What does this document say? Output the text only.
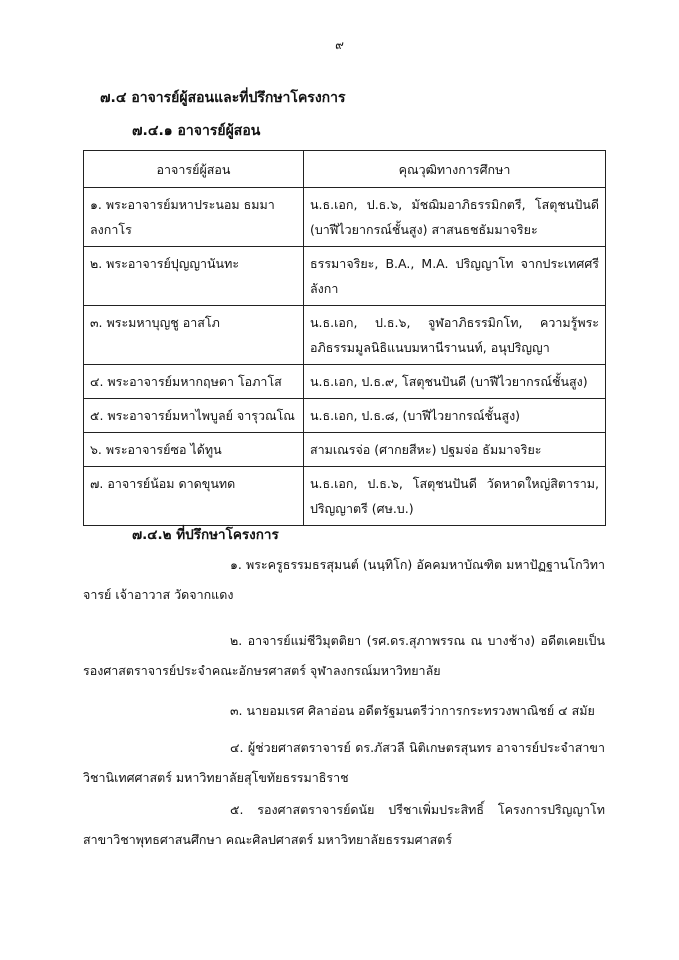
๙
๗.๔ อาจารย์ผู้สอนและที่ปรึกษาโครงการ
๗.๔.๑ อาจารย์ผู้สอน
อาจารย์ผู้สอน	คุณวุฒิทางการศึกษา
๑. พระอาจารย์มหาประนอม ธมมาลงกาโร	น.ธ.เอก, ป.ธ.๖, มัชฌิมอาภิธรรมิกตรี, โสตุชนปันดี (บาฬีไวยากรณ์ชั้นสูง) สาสนธชธัมมาจริยะ
๒. พระอาจารย์ปุญญานันทะ	ธรรมาจริยะ, B.A., M.A. ปริญญาโท จากประเทศศรีลังกา
๓. พระมหาบุญชู อาสโภ	น.ธ.เอก, ป.ธ.๖, จูฬอาภิธรรมิกโท, ความรู้พระอภิธรรมมูลนิธิแนบมหานีรานนท์, อนุปริญญา
๔. พระอาจารย์มหากฤษดา โอภาโส	น.ธ.เอก, ป.ธ.๙, โสตุชนปันดี (บาฬีไวยากรณ์ชั้นสูง)
๕. พระอาจารย์มหาไพบูลย์ จารุวณโณ	น.ธ.เอก, ป.ธ.๘, (บาฬีไวยากรณ์ชั้นสูง)
๖. พระอาจารย์ซอ ได้ทูน	สามเณรจ่อ (ศากยสีหะ) ปฐมจ่อ ธัมมาจริยะ
๗. อาจารย์น้อม ดาดขุนทด	น.ธ.เอก, ป.ธ.๖, โสตุชนปันดี วัดหาดใหญ่สิตาราม, ปริญญาตรี (ศษ.บ.)
๗.๔.๒ ที่ปรึกษาโครงการ

๑. พระครูธรรมธรสุมนต์ (นนฺทิโก) อัคคมหาบัณฑิต มหาปัฏฐานโกวิทาจารย์ เจ้าอาวาส วัดจากแดง

๒. อาจารย์แม่ชีวิมุตติยา (รศ.ดร.สุภาพรรณ ณ บางช้าง) อดีตเคยเป็นรองศาสตราจารย์ประจำคณะอักษรศาสตร์ จุฬาลงกรณ์มหาวิทยาลัย

๓. นายอมเรศ ศิลาอ่อน อดีตรัฐมนตรีว่าการกระทรวงพาณิชย์ ๔ สมัย

๔. ผู้ช่วยศาสตราจารย์ ดร.ภัสวลี นิติเกษตรสุนทร อาจารย์ประจำสาขาวิชานิเทศศาสตร์ มหาวิทยาลัยสุโขทัยธรรมาธิราช

๕. รองศาสตราจารย์ดนัย ปรีชาเพิ่มประสิทธิ์ โครงการปริญญาโท สาขาวิชาพุทธศาสนศึกษา คณะศิลปศาสตร์ มหาวิทยาลัยธรรมศาสตร์
